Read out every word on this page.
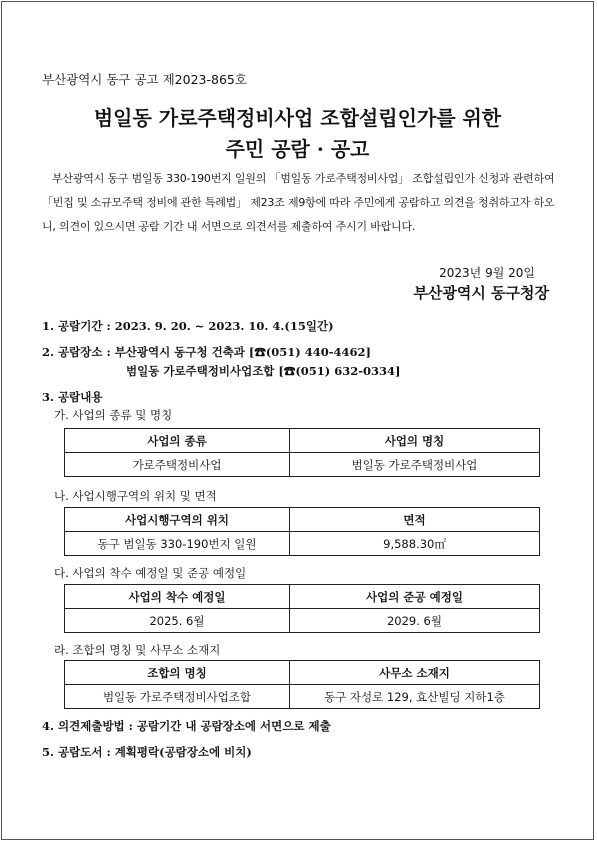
부산광역시 동구 공고 제2023-865호
범일동 가로주택정비사업 조합설립인가를 위한
주민 공람 · 공고
부산광역시 동구 범일동 330-190번지 일원의 「범일동 가로주택정비사업」 조합설립인가 신청과 관련하여 「빈집 및 소규모주택 정비에 관한 특례법」 제23조 제9항에 따라 주민에게 공람하고 의견을 청취하고자 하오니, 의견이 있으시면 공람 기간 내 서면으로 의견서를 제출하여 주시기 바랍니다.
2023년 9월 20일
부산광역시 동구청장
1. 공람기간 : 2023. 9. 20. ~ 2023. 10. 4.(15일간)
2. 공람장소 : 부산광역시 동구청 건축과 [☎(051) 440-4462]
범일동 가로주택정비사업조합 [☎(051) 632-0334]
3. 공람내용
가. 사업의 종류 및 명칭
사업의 종류	사업의 명칭
가로주택정비사업	범일동 가로주택정비사업
나. 사업시행구역의 위치 및 면적
사업시행구역의 위치	면적
동구 범일동 330-190번지 일원	9,588.30㎡
다. 사업의 착수 예정일 및 준공 예정일
사업의 착수 예정일	사업의 준공 예정일
2025. 6월	2029. 6월
라. 조합의 명칭 및 사무소 소재지
조합의 명칭	사무소 소재지
범일동 가로주택정비사업조합	동구 자성로 129, 효산빌딩 지하1층
4. 의견제출방법 : 공람기간 내 공람장소에 서면으로 제출
5. 공람도서 : 계획평락(공람장소에 비치)
